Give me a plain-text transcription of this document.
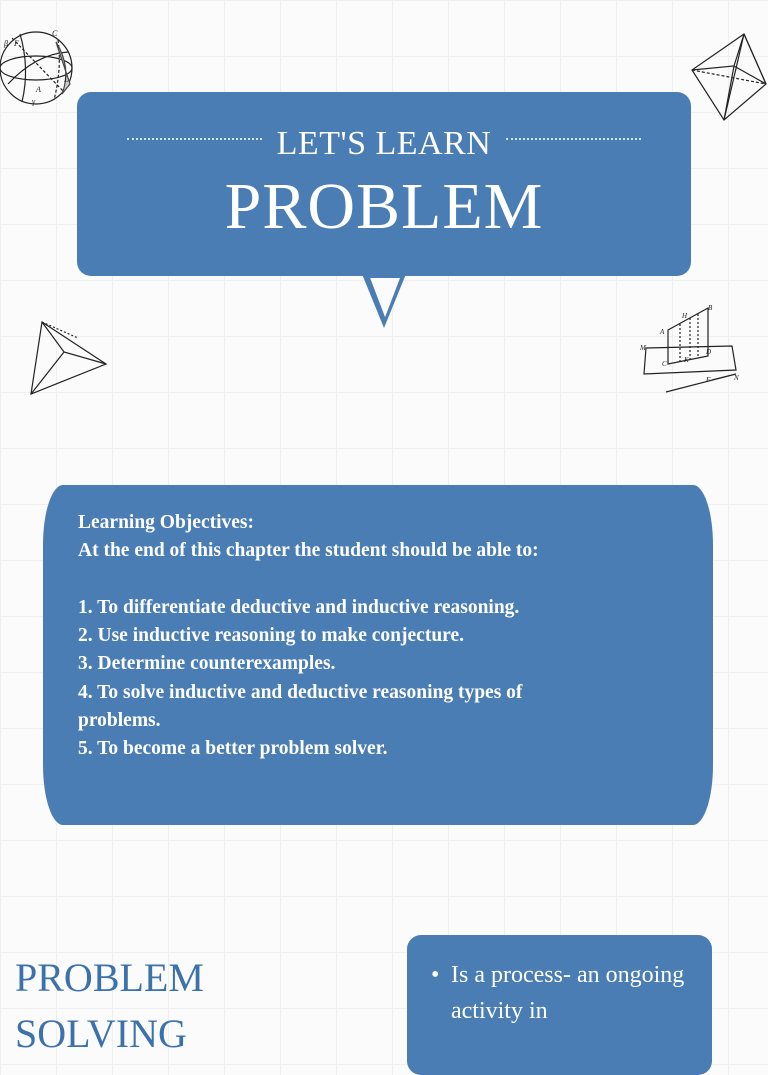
β F
C
L
γ
A
B
H
A
M	D
C K
F	N
LET'S LEARN
PROBLEM
Learning Objectives:
At the end of this chapter the student should be able to:
1. To differentiate deductive and inductive reasoning.
2. Use inductive reasoning to make conjecture.
3. Determine counterexamples.
4. To solve inductive and deductive reasoning types of
problems.
5. To become a better problem solver.
PROBLEM
SOLVING
• Is a process- an ongoing activity in
